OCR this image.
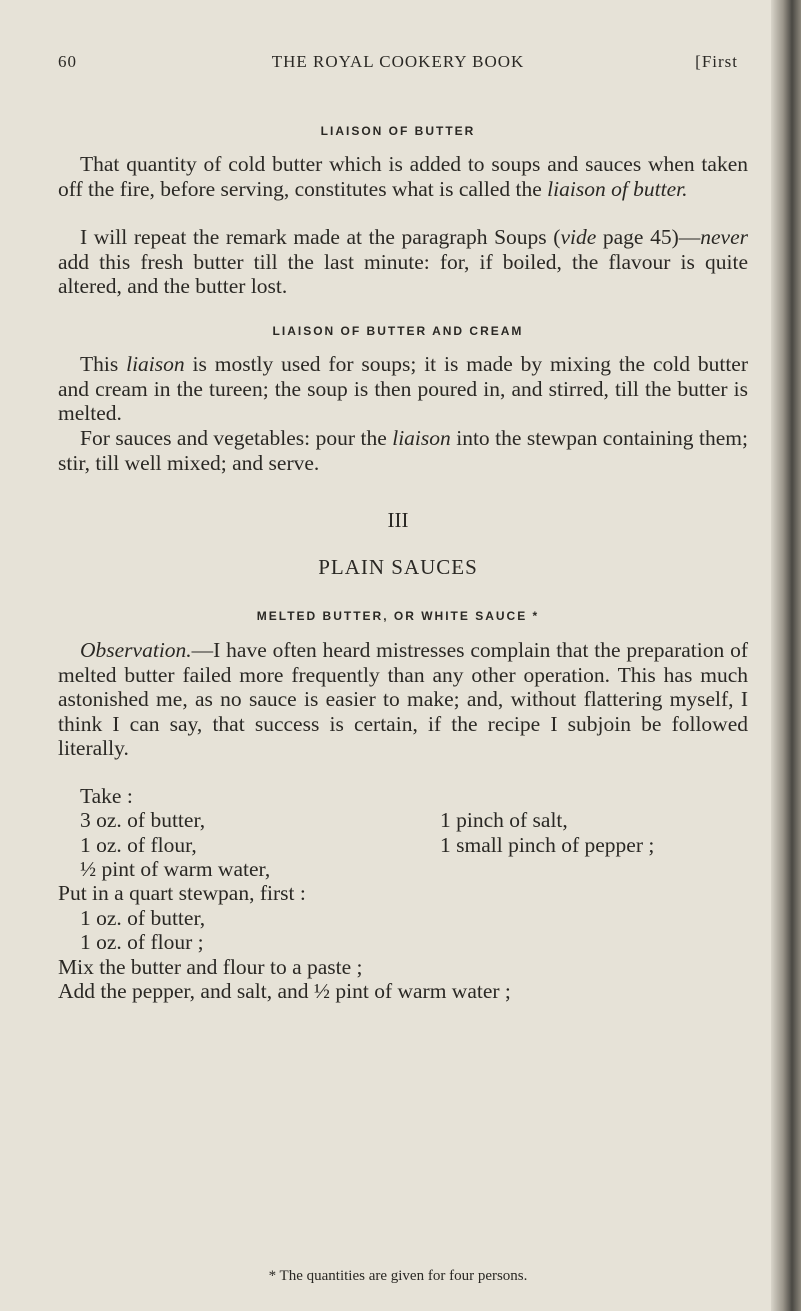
60	THE ROYAL COOKERY BOOK	[First
LIAISON OF BUTTER
That quantity of cold butter which is added to soups and sauces when taken off the fire, before serving, constitutes what is called the liaison of butter.
I will repeat the remark made at the paragraph Soups (vide page 45)—never add this fresh butter till the last minute: for, if boiled, the flavour is quite altered, and the butter lost.
LIAISON OF BUTTER AND CREAM
This liaison is mostly used for soups; it is made by mixing the cold butter and cream in the tureen; the soup is then poured in, and stirred, till the butter is melted.
For sauces and vegetables: pour the liaison into the stewpan containing them; stir, till well mixed; and serve.
III
PLAIN SAUCES
MELTED BUTTER, OR WHITE SAUCE *
Observation.—I have often heard mistresses complain that the preparation of melted butter failed more frequently than any other operation. This has much astonished me, as no sauce is easier to make; and, without flattering myself, I think I can say, that success is certain, if the recipe I subjoin be followed literally.
Take :
3 oz. of butter,
1 oz. of flour,
½ pint of warm water,
1 pinch of salt,
1 small pinch of pepper ;
Put in a quart stewpan, first :
1 oz. of butter,
1 oz. of flour ;
Mix the butter and flour to a paste ;
Add the pepper, and salt, and ½ pint of warm water ;
* The quantities are given for four persons.
